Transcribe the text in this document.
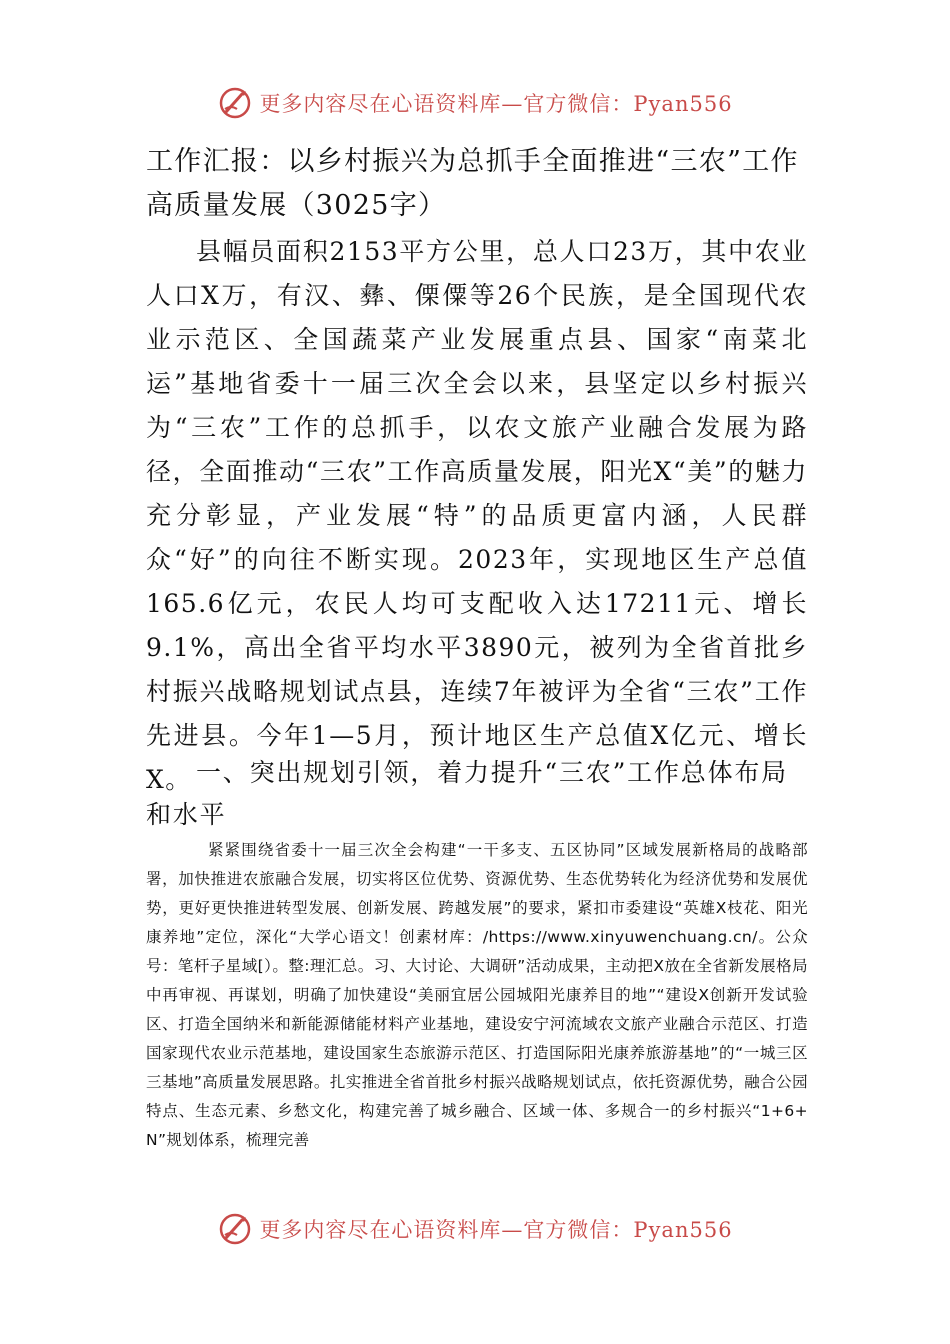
更多内容尽在心语资料库—官方微信：Pyan556
工作汇报：以乡村振兴为总抓手全面推进“三农”工作高质量发展（3025字）

县幅员面积2153平方公里，总人口23万，其中农业人口X万，有汉、彝、傈僳等26个民族，是全国现代农业示范区、全国蔬菜产业发展重点县、国家“南菜北运”基地省委十一届三次全会以来，县坚定以乡村振兴为“三农”工作的总抓手，以农文旅产业融合发展为路径，全面推动“三农”工作高质量发展，阳光X“美”的魅力充分彰显，产业发展“特”的品质更富内涵，人民群众“好”的向往不断实现。2023年，实现地区生产总值165.6亿元，农民人均可支配收入达17211元、增长9.1%，高出全省平均水平3890元，被列为全省首批乡村振兴战略规划试点县，连续7年被评为全省“三农”工作先进县。今年1—5月，预计地区生产总值X亿元、增长X。 一、突出规划引领，着力提升“三农”工作总体布局和水平

紧紧围绕省委十一届三次全会构建“一干多支、五区协同”区域发展新格局的战略部署，加快推进农旅融合发展，切实将区位优势、资源优势、生态优势转化为经济优势和发展优势，更好更快推进转型发展、创新发展、跨越发展”的要求，紧扣市委建设“英雄X枝花、阳光康养地”定位，深化“大学心语文！创素材库：/https://www.xinyuwenchuang.cn/。公众号：笔杆子星域[）。整:理汇总。习、大讨论、大调研”活动成果，主动把X放在全省新发展格局中再审视、再谋划，明确了加快建设“美丽宜居公园城阳光康养目的地”“建设X创新开发试验区、打造全国纳米和新能源储能材料产业基地，建设安宁河流域农文旅产业融合示范区、打造国家现代农业示范基地，建设国家生态旅游示范区、打造国际阳光康养旅游基地”的“一城三区三基地”高质量发展思路。扎实推进全省首批乡村振兴战略规划试点，依托资源优势，融合公园特点、生态元素、乡愁文化，构建完善了城乡融合、区域一体、多规合一的乡村振兴“1+6+N”规划体系，梳理完善

更多内容尽在心语资料库—官方微信：Pyan556
